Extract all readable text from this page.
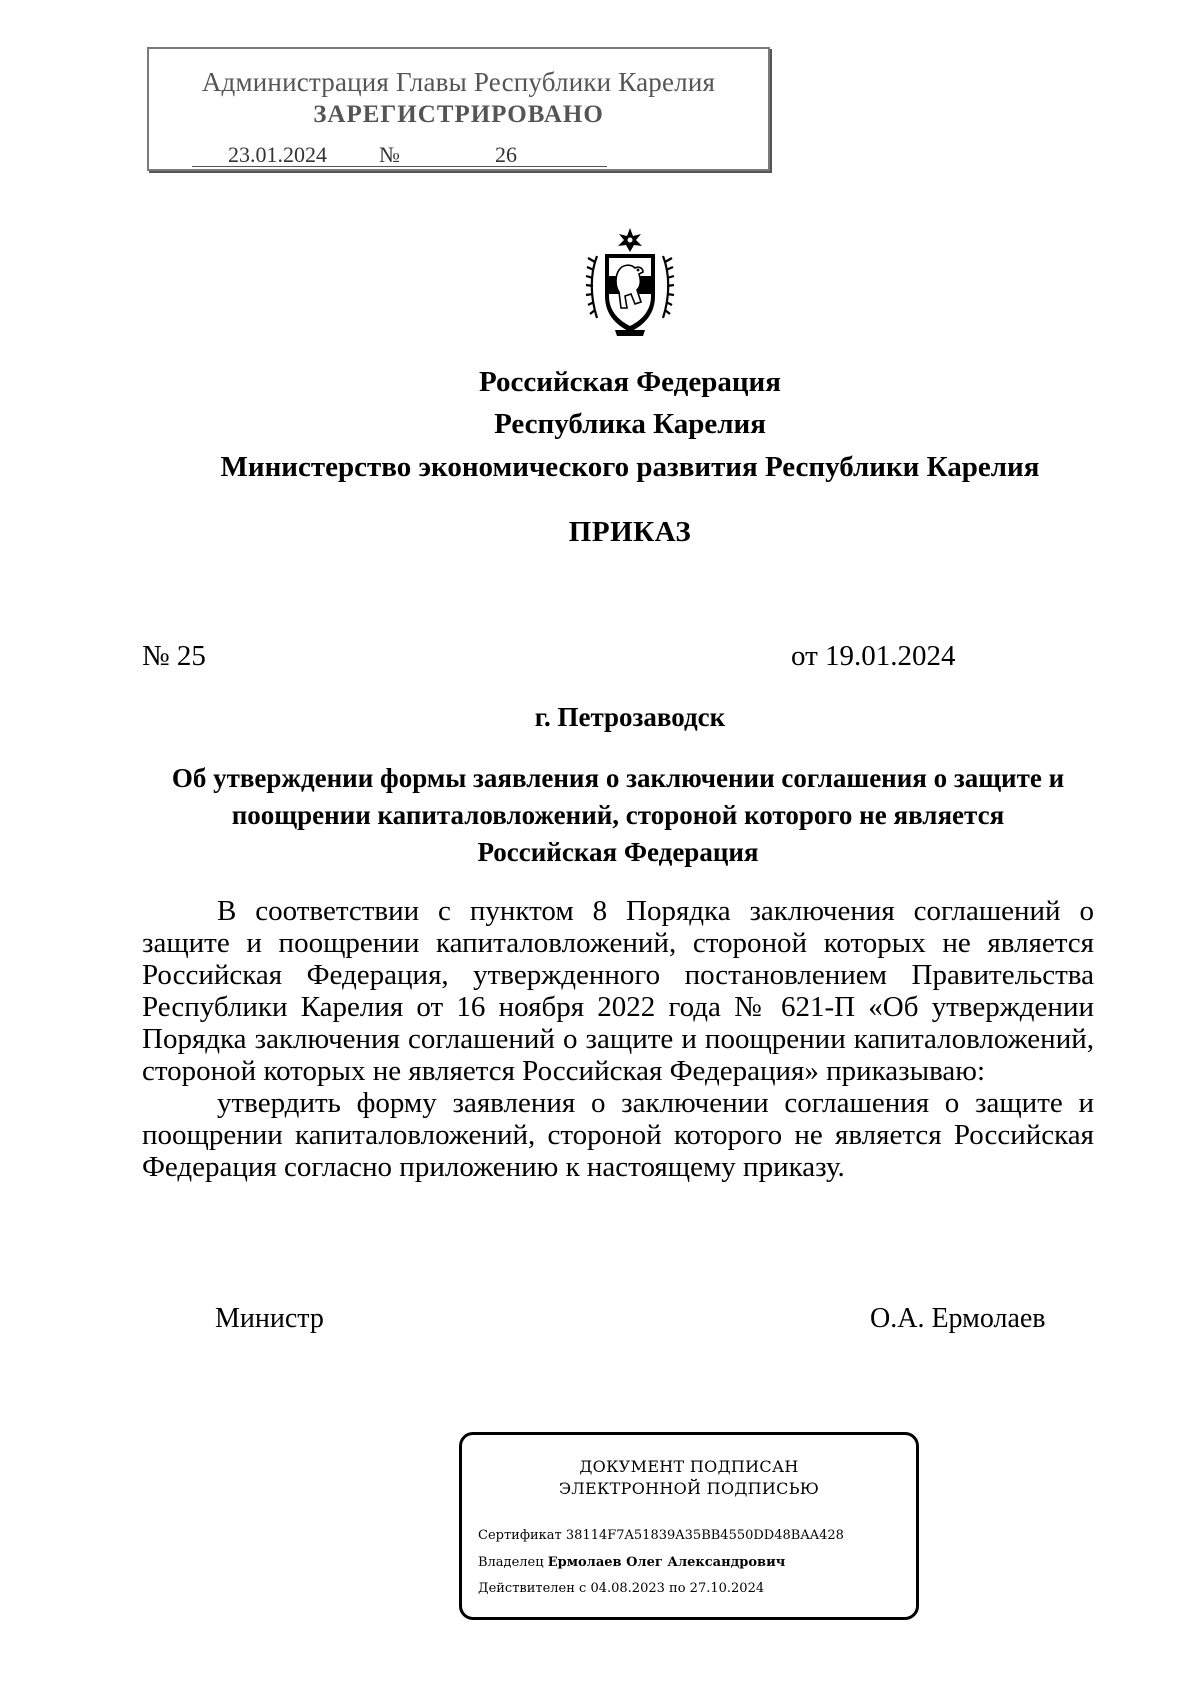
Администрация Главы Республики Карелия
ЗАРЕГИСТРИРОВАНО
23.01.2024 №	26
Российская Федерация
Республика Карелия
Министерство экономического развития Республики Карелия
ПРИКАЗ
№ 25	от 19.01.2024
г. Петрозаводск
Об утверждении формы заявления о заключении соглашения о защите и
поощрении капиталовложений, стороной которого не является
Российская Федерация

В соответствии с пунктом 8 Порядка заключения соглашений о защите и поощрении капиталовложений, стороной которых не является Российская Федерация, утвержденного постановлением Правительства Республики Карелия от 16 ноября 2022 года № 621-П «Об утверждении Порядка заключения соглашений о защите и поощрении капиталовложений, стороной которых не является Российская Федерация» приказываю:

утвердить форму заявления о заключении соглашения о защите и поощрении капиталовложений, стороной которого не является Российская Федерация согласно приложению к настоящему приказу.

Министр	О.А. Ермолаев
ДОКУМЕНТ ПОДПИСАН
ЭЛЕКТРОННОЙ ПОДПИСЬЮ
Сертификат 38114F7A51839A35BB4550DD48BAA428
Владелец Ермолаев Олег Александрович
Действителен с 04.08.2023 по 27.10.2024
